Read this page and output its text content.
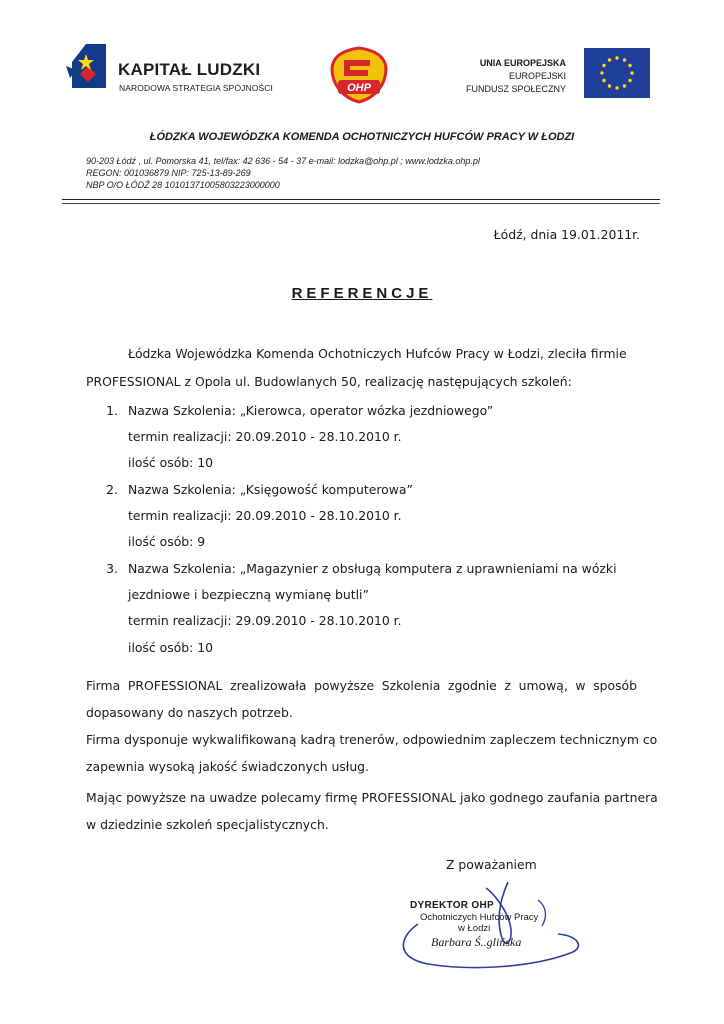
KAPITAŁ LUDZKI
NARODOWA STRATEGIA SPÓJNOŚCI	OHP
UNIA EUROPEJSKA
EUROPEJSKI
FUNDUSZ SPOŁECZNY
ŁÓDZKA WOJEWÓDZKA KOMENDA OCHOTNICZYCH HUFCÓW PRACY W ŁODZI
90-203 Łódź , ul. Pomorska 41, tel/fax: 42 636 - 54 - 37 e-mail: lodzka@ohp.pl ; www.lodzka.ohp.pl
REGON: 001036879 NIP: 725-13-89-269
NBP O/O ŁÓDŹ 28 10101371005803223000000
Łódź, dnia 19.01.2011r.
REFERENCJE
Łódzka Wojewódzka Komenda Ochotniczych Hufców Pracy w Łodzi, zleciła firmie
PROFESSIONAL z Opola ul. Budowlanych 50, realizację następujących szkoleń:
1. Nazwa Szkolenia: „Kierowca, operator wózka jezdniowego”
termin realizacji: 20.09.2010 - 28.10.2010 r.
ilość osób: 10
2. Nazwa Szkolenia: „Księgowość komputerowa”
termin realizacji: 20.09.2010 - 28.10.2010 r.
ilość osób: 9
3. Nazwa Szkolenia: „Magazynier z obsługą komputera z uprawnieniami na wózki
jezdniowe i bezpieczną wymianę butli”
termin realizacji: 29.09.2010 - 28.10.2010 r.
ilość osób: 10
Firma PROFESSIONAL zrealizowała powyższe Szkolenia zgodnie z umową, w sposób
dopasowany do naszych potrzeb.
Firma dysponuje wykwalifikowaną kadrą trenerów, odpowiednim zapleczem technicznym co
zapewnia wysoką jakość świadczonych usług.
Mając powyższe na uwadze polecamy firmę PROFESSIONAL jako godnego zaufania partnera
w dziedzinie szkoleń specjalistycznych.
Z poważaniem
DYREKTOR OHP
Ochotniczych Hufców Pracy
w Łodzi
Barbara Ś..glińska
